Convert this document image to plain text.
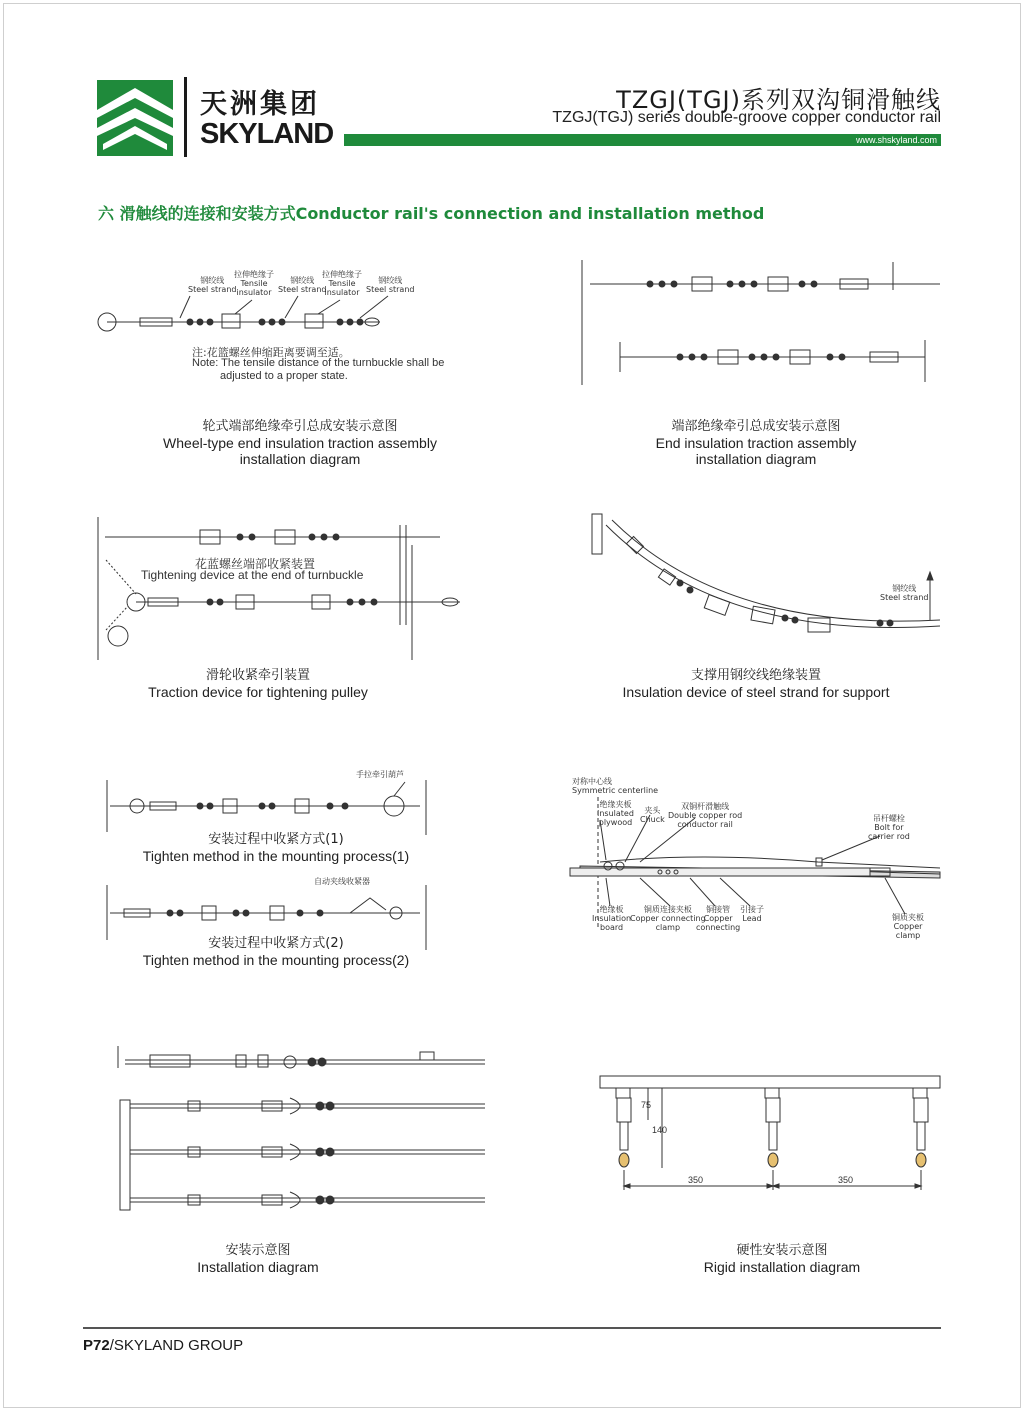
天洲集团
SKYLAND
TZGJ(TGJ)系列双沟铜滑触线
TZGJ(TGJ) series double-groove copper conductor rail
www.shskyland.com
六 滑触线的连接和安装方式Conductor rail's connection and installation method
钢绞线
Steel strand
拉伸绝缘子
Tensile
insulator
钢绞线
Steel strand
拉伸绝缘子
Tensile
insulator
钢绞线
Steel strand
注:花篮螺丝伸缩距离要调至适。
Note: The tensile distance of the turnbuckle shall be
adjusted to a proper state.
轮式端部绝缘牵引总成安装示意图
Wheel-type end insulation traction assembly
installation diagram
端部绝缘牵引总成安装示意图
End insulation traction assembly
installation diagram
花蓝螺丝端部收紧装置
Tightening device at the end of turnbuckle
滑轮收紧牵引装置
Traction device for tightening pulley
钢绞线
Steel strand
支撑用钢绞线绝缘装置
Insulation device of steel strand for support
手拉牵引葫芦
安装过程中收紧方式(1)
Tighten method in the mounting process(1)
自动夹线收紧器
安装过程中收紧方式(2)
Tighten method in the mounting process(2)
对称中心线
Symmetric centerline
绝缘夹板
Insulated
plywood
夹头
Chuck
双铜杆滑触线
Double copper rod
conductor rail
吊杆螺栓
Bolt for
carrier rod
绝缘板
Insulation
board
铜质连接夹板
Copper connecting
clamp
铜接管
Copper
connecting
引接子
Lead	铜质夹板
Copper
clamp
安装示意图
Installation diagram
75
140
350	350
硬性安装示意图
Rigid installation diagram
P72/SKYLAND GROUP
